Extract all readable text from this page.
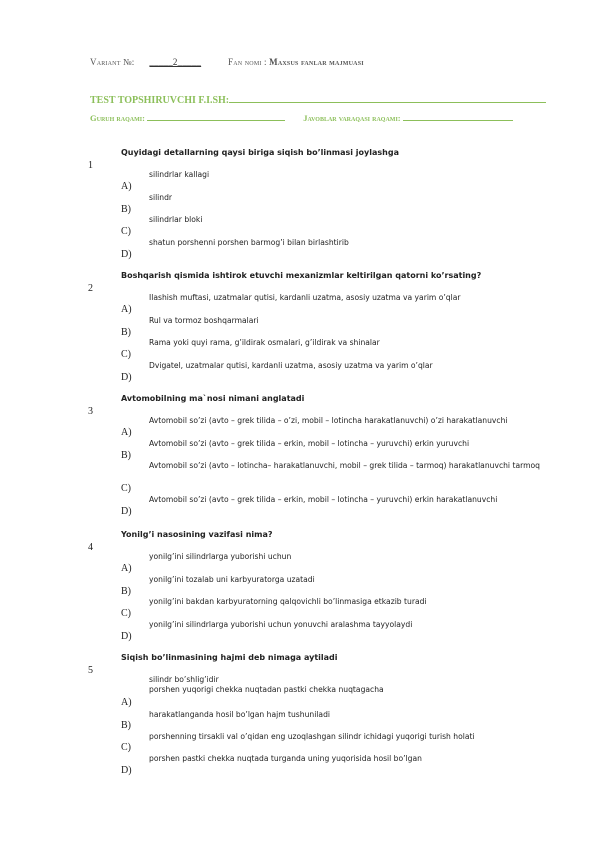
Variant №: _____2_____	Fan nomi : Maxsus fanlar majmuasi
TEST TOPSHIRUVCHI F.I.SH:
Guruh raqami:	Javoblar varaqasi raqami:
Quyidagi detallarning qaysi biriga siqish bo’linmasi joylashga
1
silindrlar kallagi
A)
silindr
B)
silindrlar bloki
C)
shatun porshenni porshen barmog’i bilan birlashtirib
D)
Boshqarish qismida ishtirok etuvchi mexanizmlar keltirilgan qatorni ko’rsating?
2
Ilashish muftasi, uzatmalar qutisi, kardanli uzatma, asosiy uzatma va yarim o’qlar
A)
Rul va tormoz boshqarmalari
B)
Rama yoki quyi rama, g’ildirak osmalari, g’ildirak va shinalar
C)
Dvigatel, uzatmalar qutisi, kardanli uzatma, asosiy uzatma va yarim o’qlar
D)
Avtomobilning ma`nosi nimani anglatadi
3
Avtomobil so’zi (avto – grek tilida – o’zi, mobil – lotincha harakatlanuvchi) o’zi harakatlanuvchi
A)
Avtomobil so’zi (avto – grek tilida – erkin, mobil – lotincha – yuruvchi) erkin yuruvchi
B)
Avtomobil so’zi (avto – lotincha– harakatlanuvchi, mobil – grek tilida – tarmoq) harakatlanuvchi tarmoq
C)
Avtomobil so’zi (avto – grek tilida – erkin, mobil – lotincha – yuruvchi) erkin harakatlanuvchi
D)
Yonilg’i nasosining vazifasi nima?
4
yonilg’ini silindrlarga yuborishi uchun
A)
yonilg’ini tozalab uni karbyuratorga uzatadi
B)
yonilg’ini bakdan karbyuratorning qalqovichli bo’linmasiga etkazib turadi
C)
yonilg’ini silindrlarga yuborishi uchun yonuvchi aralashma tayyolaydi
D)
Siqish bo’linmasining hajmi deb nimaga aytiladi
5
silindr bo’shlig’idir
porshen yuqorigi chekka nuqtadan pastki chekka nuqtagacha
A)
harakatlanganda hosil bo’lgan hajm tushuniladi
B)
porshenning tirsakli val o’qidan eng uzoqlashgan silindr ichidagi yuqorigi turish holati
C)
porshen pastki chekka nuqtada turganda uning yuqorisida hosil bo’lgan
D)
